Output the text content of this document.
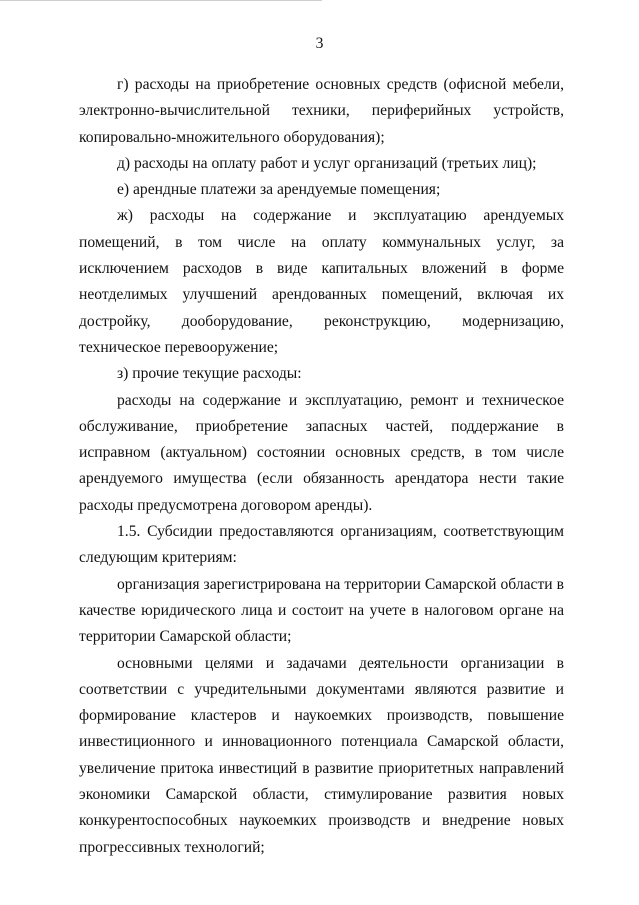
3

г) расходы на приобретение основных средств (офисной мебели, электронно-вычислительной техники, периферийных устройств, копировально-множительного оборудования);

д) расходы на оплату работ и услуг организаций (третьих лиц);

е) арендные платежи за арендуемые помещения;

ж) расходы на содержание и эксплуатацию арендуемых помещений, в том числе на оплату коммунальных услуг, за исключением расходов в виде капитальных вложений в форме неотделимых улучшений арендованных помещений, включая их достройку, дооборудование, реконструкцию, модернизацию, техническое перевооружение;

з) прочие текущие расходы:

расходы на содержание и эксплуатацию, ремонт и техническое обслуживание, приобретение запасных частей, поддержание в исправном (актуальном) состоянии основных средств, в том числе арендуемого имущества (если обязанность арендатора нести такие расходы предусмотрена договором аренды).

1.5. Субсидии предоставляются организациям, соответствующим следующим критериям:

организация зарегистрирована на территории Самарской области в качестве юридического лица и состоит на учете в налоговом органе на территории Самарской области;

основными целями и задачами деятельности организации в соответствии с учредительными документами являются развитие и формирование кластеров и наукоемких производств, повышение инвестиционного и инновационного потенциала Самарской области, увеличение притока инвестиций в развитие приоритетных направлений экономики Самарской области, стимулирование развития новых конкурентоспособных наукоемких производств и внедрение новых прогрессивных технологий;
